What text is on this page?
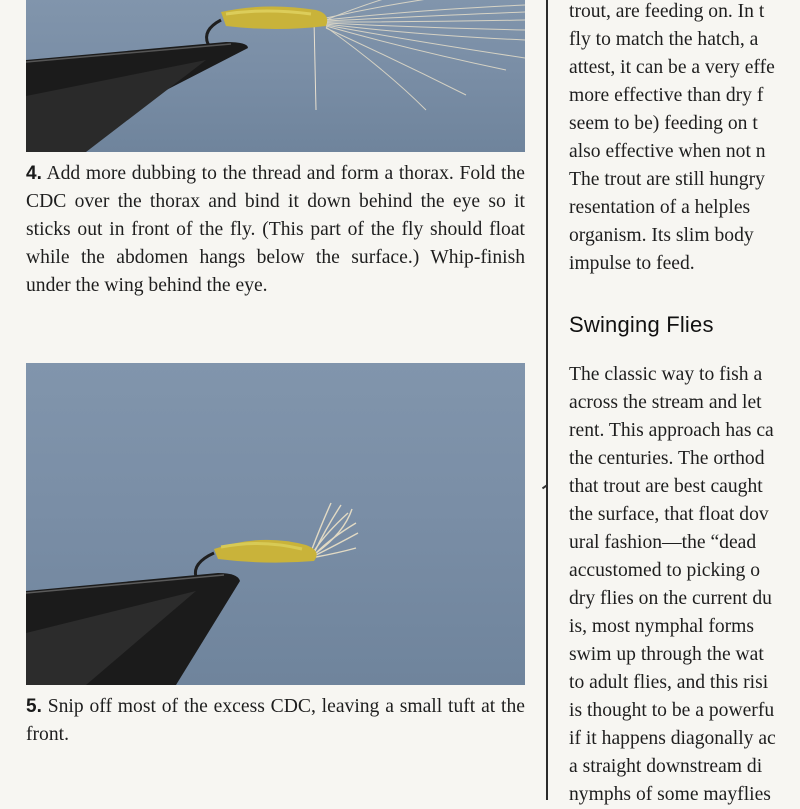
4. Add more dubbing to the thread and form a thorax. Fold the CDC over the thorax and bind it down behind the eye so it sticks out in front of the fly. (This part of the fly should float while the abdomen hangs below the surface.) Whip-finish under the wing behind the eye.

5. Snip off most of the excess CDC, leaving a small tuft at the front.

trout, are feeding on. In t
fly to match the hatch, a
attest, it can be a very effe
more effective than dry f
seem to be) feeding on t
also effective when not n
The trout are still hungry
resentation of a helples
organism. Its slim body
impulse to feed.
Swinging Flies
The classic way to fish a
across the stream and let
rent. This approach has ca
the centuries. The orthod
that trout are best caught
the surface, that float dov
ural fashion—the “dead
accustomed to picking o
dry flies on the current du
is, most nymphal forms
swim up through the wat
to adult flies, and this risi
is thought to be a powerfu
if it happens diagonally ac
a straight downstream di
nymphs of some mayflies
